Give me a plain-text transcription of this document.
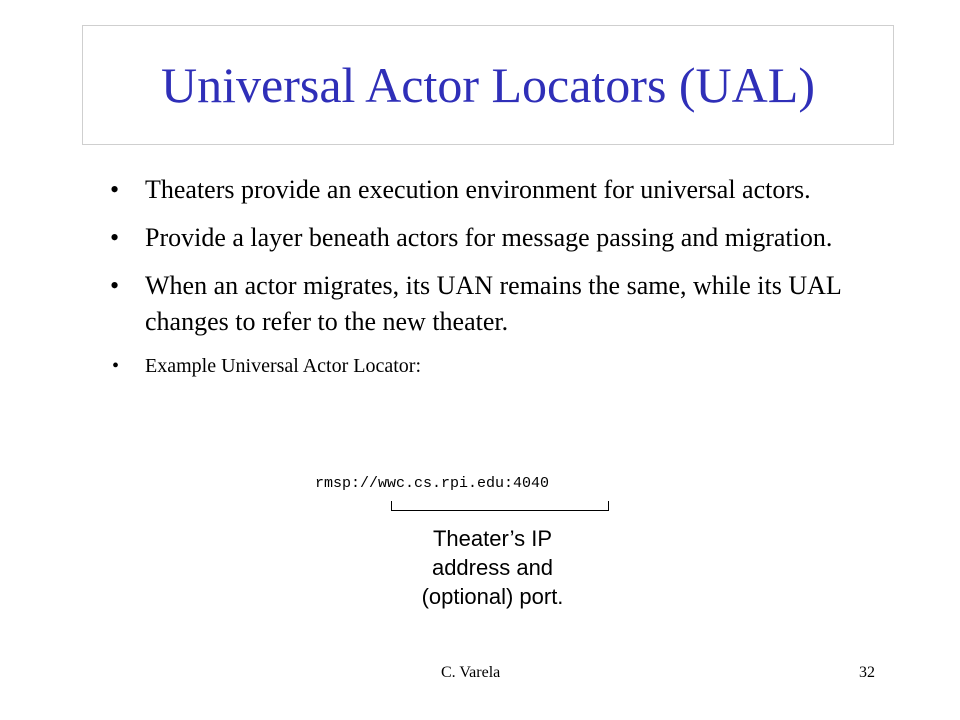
Universal Actor Locators (UAL)
• Theaters provide an execution environment for universal actors.
• Provide a layer beneath actors for message passing and migration.
• When an actor migrates, its UAN remains the same, while its UAL changes to refer to the new theater.
• Example Universal Actor Locator:
rmsp://wwc.cs.rpi.edu:4040
Theater’s IP
address and
(optional) port.
C. Varela	32
